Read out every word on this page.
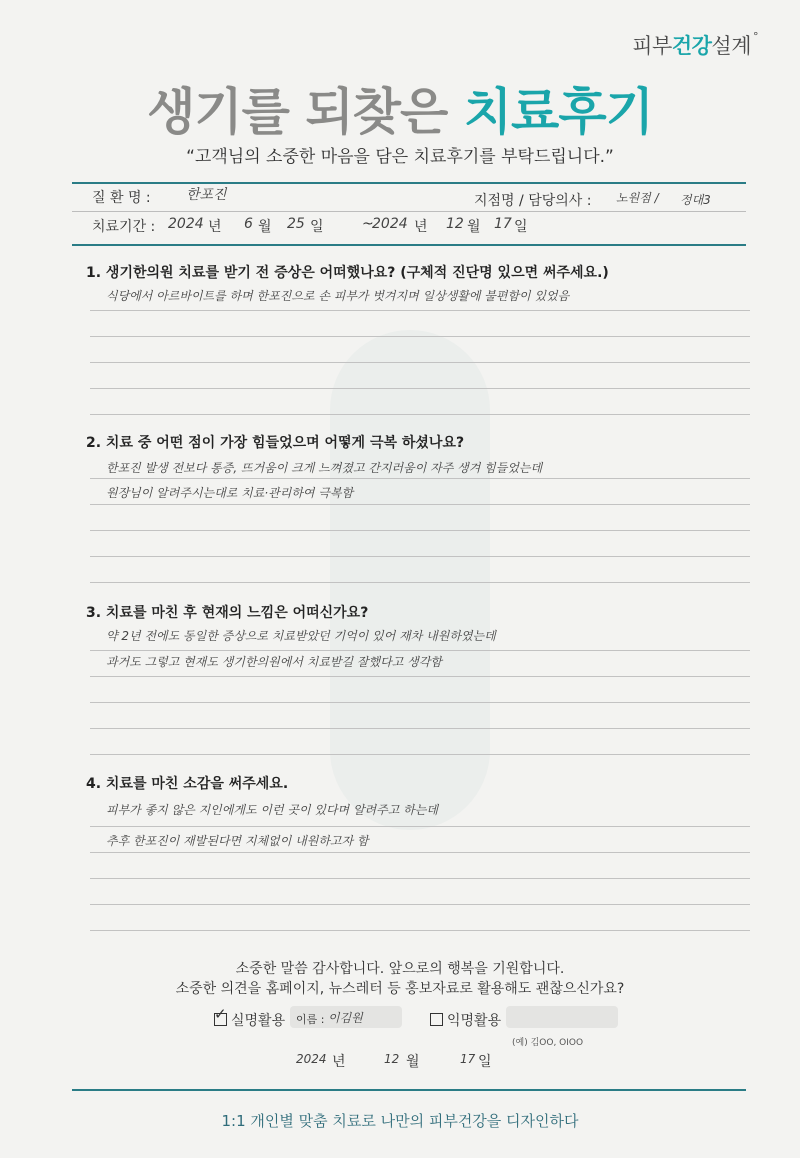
피부건강설계 °
생기를 되찾은 치료후기
“고객님의 소중한 마음을 담은 치료후기를 부탁드립니다.”
질 환 명 :	한포진	지점명 / 담당의사 : 노원점 / 정대3
치료기간 : 2024 년 6 월 25 일	~
2024 년 12 월 17 일
1. 생기한의원 치료를 받기 전 증상은 어떠했나요? (구체적 진단명 있으면 써주세요.)
식당에서 아르바이트를 하며 한포진으로 손 피부가 벗겨지며 일상생활에 불편함이 있었음
2. 치료 중 어떤 점이 가장 힘들었으며 어떻게 극복 하셨나요?
한포진 발생 전보다 통증, 뜨거움이 크게 느껴졌고 간지러움이 자주 생겨 힘들었는데
원장님이 알려주시는대로 치료·관리하여 극복함
3. 치료를 마친 후 현재의 느낌은 어떠신가요?
약 2년 전에도 동일한 증상으로 치료받았던 기억이 있어 재차 내원하였는데
과거도 그렇고 현재도 생기한의원에서 치료받길 잘했다고 생각함
4. 치료를 마친 소감을 써주세요.
피부가 좋지 않은 지인에게도 이런 곳이 있다며 알려주고 하는데
추후 한포진이 재발된다면 지체없이 내원하고자 함
소중한 말씀 감사합니다. 앞으로의 행복을 기원합니다.
소중한 의견을 홈페이지, 뉴스레터 등 홍보자료로 활용해도 괜찮으신가요?
✓ 실명활용 이름 : 이김원	익명활용
(예) 김OO, OIOO
2024 년	12 월	17 일
1:1 개인별 맞춤 치료로 나만의 피부건강을 디자인하다
